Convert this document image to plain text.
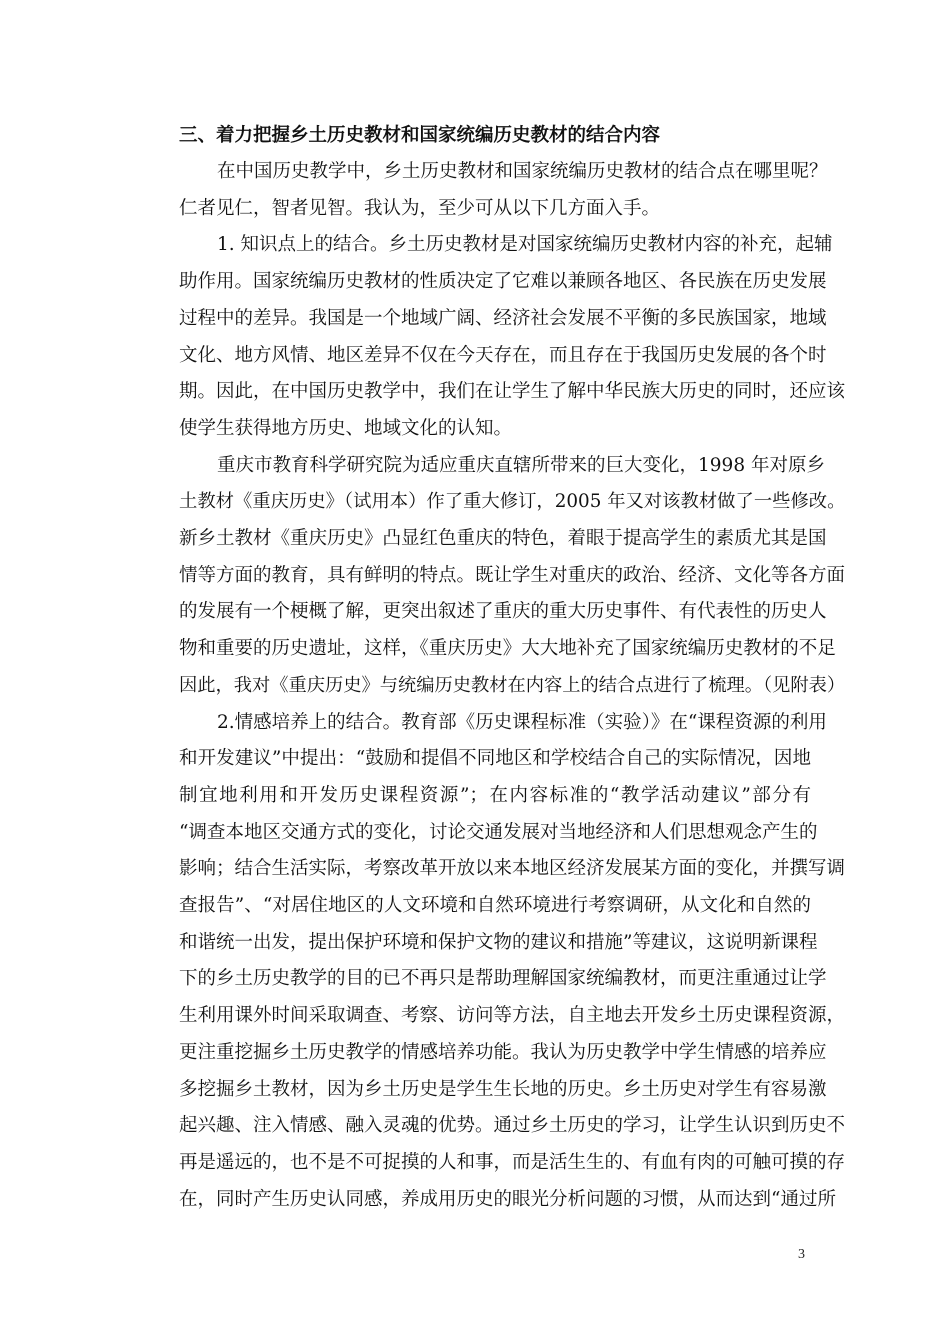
三、着力把握乡土历史教材和国家统编历史教材的结合内容
在中国历史教学中，乡土历史教材和国家统编历史教材的结合点在哪里呢？
仁者见仁，智者见智。我认为，至少可从以下几方面入手。
1. 知识点上的结合。乡土历史教材是对国家统编历史教材内容的补充，起辅
助作用。国家统编历史教材的性质决定了它难以兼顾各地区、各民族在历史发展
过程中的差异。我国是一个地域广阔、经济社会发展不平衡的多民族国家，地域
文化、地方风情、地区差异不仅在今天存在，而且存在于我国历史发展的各个时
期。因此，在中国历史教学中，我们在让学生了解中华民族大历史的同时，还应该
使学生获得地方历史、地域文化的认知。
重庆市教育科学研究院为适应重庆直辖所带来的巨大变化，1998 年对原乡
土教材《重庆历史》（试用本）作了重大修订，2005 年又对该教材做了一些修改。
新乡土教材《重庆历史》凸显红色重庆的特色，着眼于提高学生的素质尤其是国
情等方面的教育，具有鲜明的特点。既让学生对重庆的政治、经济、文化等各方面
的发展有一个梗概了解，更突出叙述了重庆的重大历史事件、有代表性的历史人
物和重要的历史遗址，这样，《重庆历史》大大地补充了国家统编历史教材的不足
因此，我对《重庆历史》与统编历史教材在内容上的结合点进行了梳理。（见附表）
2.情感培养上的结合。教育部《历史课程标准（实验）》在“课程资源的利用
和开发建议”中提出：“鼓励和提倡不同地区和学校结合自己的实际情况，因地
制宜地利用和开发历史课程资源”；在内容标准的“教学活动建议”部分有
“调查本地区交通方式的变化，讨论交通发展对当地经济和人们思想观念产生的
影响；结合生活实际，考察改革开放以来本地区经济发展某方面的变化，并撰写调
查报告”、“对居住地区的人文环境和自然环境进行考察调研，从文化和自然的
和谐统一出发，提出保护环境和保护文物的建议和措施”等建议，这说明新课程
下的乡土历史教学的目的已不再只是帮助理解国家统编教材，而更注重通过让学
生利用课外时间采取调查、考察、访问等方法，自主地去开发乡土历史课程资源，
更注重挖掘乡土历史教学的情感培养功能。我认为历史教学中学生情感的培养应
多挖掘乡土教材，因为乡土历史是学生生长地的历史。乡土历史对学生有容易激
起兴趣、注入情感、融入灵魂的优势。通过乡土历史的学习，让学生认识到历史不
再是遥远的，也不是不可捉摸的人和事，而是活生生的、有血有肉的可触可摸的存
在，同时产生历史认同感，养成用历史的眼光分析问题的习惯，从而达到“通过所
3
